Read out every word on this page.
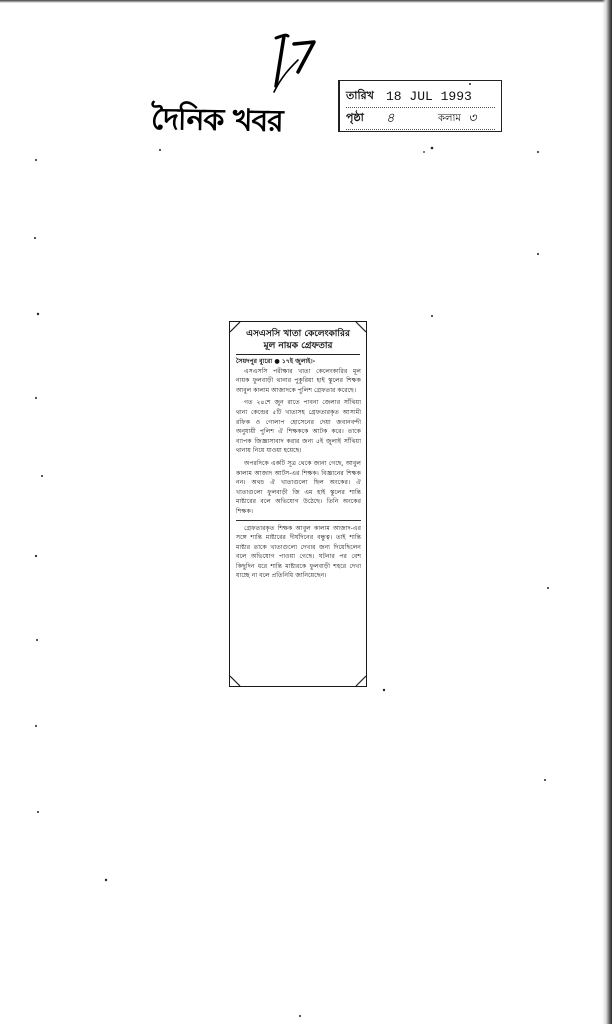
দৈনিক খবর
তারিখ 18 JUL 1993
পৃষ্ঠা ৪	কলাম ৩
এসএসসি খাতা কেলেংকারির
মূল নায়ক গ্রেফতার
সৈয়দপুর ব্যুরো ● ১৭ই জুলাই।-

এসএসসি পরীক্ষার খাতা কেলেংকারির মূল নায়ক ফুলবাড়ী থানার পুকুরিয়া হাই স্কুলের শিক্ষক আবুল কালাম আজাদকে পুলিশ গ্রেফতার করেছে।

গত ২৪শে জুন রাতে পাবনা জেলার সাঁথিয়া থানা কেন্দ্রের ৫টি খাতাসহ গ্রেফতারকৃত আসামী রফিক ও গোলাপ হোসেনের দেয়া জবানবন্দী অনুযায়ী পুলিশ ঐ শিক্ষককে আটক করে। তাকে ব্যাপক জিজ্ঞাসাবাদ করার জন্য ৫ই জুলাই সাঁথিয়া থানায় নিয়ে যাওয়া হয়েছে।

অপরদিকে একটি সূত্র থেকে জানা গেছে, আবুল কালাম আজাদ আর্টস-এর শিক্ষক। বিজ্ঞানের শিক্ষক নন। অথচ ঐ খাতাগুলো ছিল অংকের। ঐ খাতাগুলো ফুলবাড়ী জি এম হাই স্কুলের শান্তি মাষ্টারের বলে অভিযোগ উঠেছে। তিনি অংকের শিক্ষক।

গ্রেফতারকৃত শিক্ষক আবুল কালাম আজাদ-এর সঙ্গে শান্তি মাষ্টারের দীর্ঘদিনের বন্ধুত্ব। তাই শান্তি মাষ্টার তাকে খাতাগুলো দেখার জন্য দিয়েছিলেন বলে অভিযোগ পাওয়া গেছে। ঘটনার পর বেশ কিছুদিন ধরে শান্তি মাষ্টারকে ফুলবাড়ী শহরে দেখা যাচ্ছে না বলে প্রতিনিধি জানিয়েছেন।
